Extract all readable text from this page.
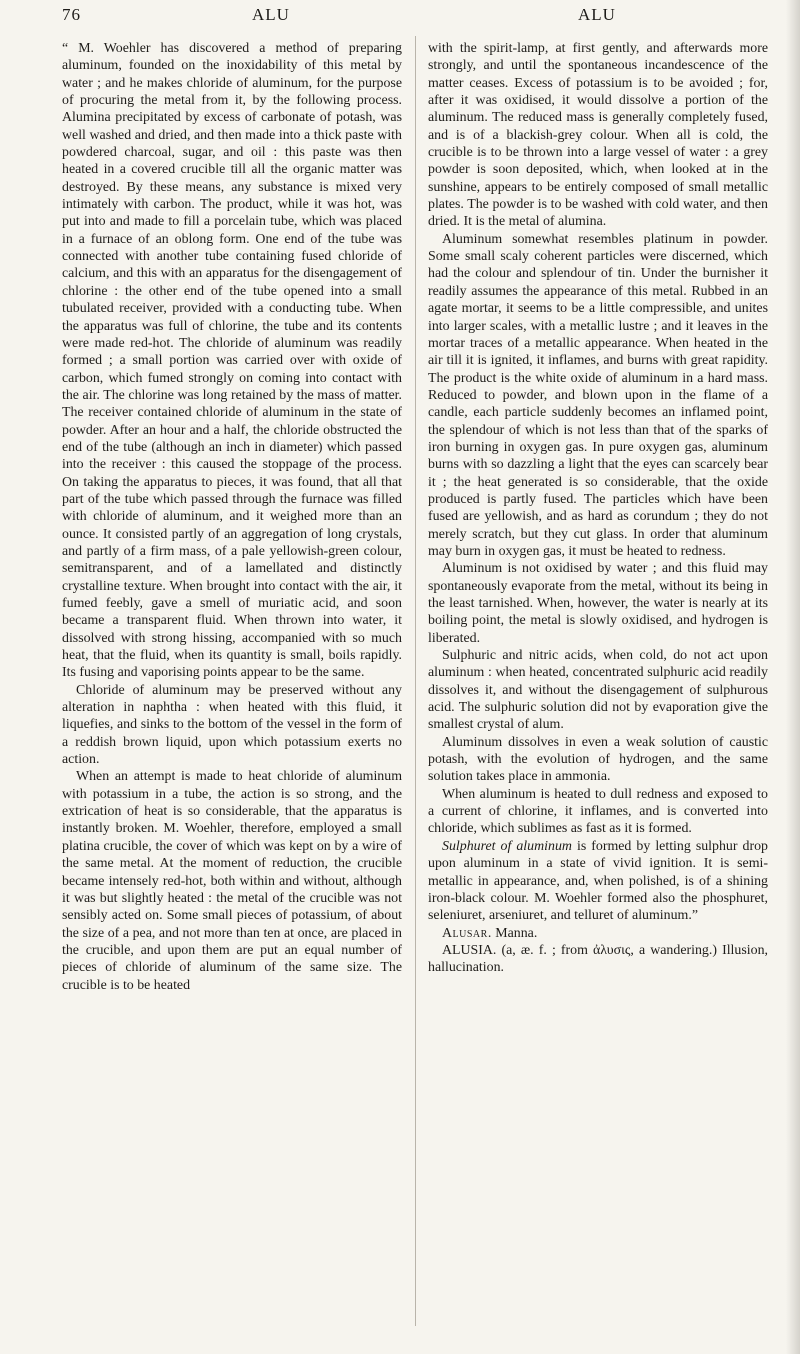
76	ALU	ALU

“ M. Woehler has discovered a method of preparing aluminum, founded on the inoxidability of this metal by water ; and he makes chloride of aluminum, for the purpose of procuring the metal from it, by the following process. Alumina precipitated by excess of carbonate of potash, was well washed and dried, and then made into a thick paste with powdered charcoal, sugar, and oil : this paste was then heated in a covered crucible till all the organic matter was destroyed. By these means, any substance is mixed very intimately with carbon. The product, while it was hot, was put into and made to fill a porcelain tube, which was placed in a furnace of an oblong form. One end of the tube was connected with another tube containing fused chloride of calcium, and this with an apparatus for the disengagement of chlorine : the other end of the tube opened into a small tubulated receiver, provided with a conducting tube. When the apparatus was full of chlorine, the tube and its contents were made red-hot. The chloride of aluminum was readily formed ; a small portion was carried over with oxide of carbon, which fumed strongly on coming into contact with the air. The chlorine was long retained by the mass of matter. The receiver contained chloride of aluminum in the state of powder. After an hour and a half, the chloride obstructed the end of the tube (although an inch in diameter) which passed into the receiver : this caused the stoppage of the process. On taking the apparatus to pieces, it was found, that all that part of the tube which passed through the furnace was filled with chloride of aluminum, and it weighed more than an ounce. It consisted partly of an aggregation of long crystals, and partly of a firm mass, of a pale yellowish-green colour, semitransparent, and of a lamellated and distinctly crystalline texture. When brought into contact with the air, it fumed feebly, gave a smell of muriatic acid, and soon became a transparent fluid. When thrown into water, it dissolved with strong hissing, accompanied with so much heat, that the fluid, when its quantity is small, boils rapidly. Its fusing and vaporising points appear to be the same.

Chloride of aluminum may be preserved without any alteration in naphtha : when heated with this fluid, it liquefies, and sinks to the bottom of the vessel in the form of a reddish brown liquid, upon which potassium exerts no action.

When an attempt is made to heat chloride of aluminum with potassium in a tube, the action is so strong, and the extrication of heat is so considerable, that the apparatus is instantly broken. M. Woehler, therefore, employed a small platina crucible, the cover of which was kept on by a wire of the same metal. At the moment of reduction, the crucible became intensely red-hot, both within and without, although it was but slightly heated : the metal of the crucible was not sensibly acted on. Some small pieces of potassium, of about the size of a pea, and not more than ten at once, are placed in the crucible, and upon them are put an equal number of pieces of chloride of aluminum of the same size. The crucible is to be heated

with the spirit-lamp, at first gently, and afterwards more strongly, and until the spontaneous incandescence of the matter ceases. Excess of potassium is to be avoided ; for, after it was oxidised, it would dissolve a portion of the aluminum. The reduced mass is generally completely fused, and is of a blackish-grey colour. When all is cold, the crucible is to be thrown into a large vessel of water : a grey powder is soon deposited, which, when looked at in the sunshine, appears to be entirely composed of small metallic plates. The powder is to be washed with cold water, and then dried. It is the metal of alumina.

Aluminum somewhat resembles platinum in powder. Some small scaly coherent particles were discerned, which had the colour and splendour of tin. Under the burnisher it readily assumes the appearance of this metal. Rubbed in an agate mortar, it seems to be a little compressible, and unites into larger scales, with a metallic lustre ; and it leaves in the mortar traces of a metallic appearance. When heated in the air till it is ignited, it inflames, and burns with great rapidity. The product is the white oxide of aluminum in a hard mass. Reduced to powder, and blown upon in the flame of a candle, each particle suddenly becomes an inflamed point, the splendour of which is not less than that of the sparks of iron burning in oxygen gas. In pure oxygen gas, aluminum burns with so dazzling a light that the eyes can scarcely bear it ; the heat generated is so considerable, that the oxide produced is partly fused. The particles which have been fused are yellowish, and as hard as corundum ; they do not merely scratch, but they cut glass. In order that aluminum may burn in oxygen gas, it must be heated to redness.

Aluminum is not oxidised by water ; and this fluid may spontaneously evaporate from the metal, without its being in the least tarnished. When, however, the water is nearly at its boiling point, the metal is slowly oxidised, and hydrogen is liberated.

Sulphuric and nitric acids, when cold, do not act upon aluminum : when heated, concentrated sulphuric acid readily dissolves it, and without the disengagement of sulphurous acid. The sulphuric solution did not by evaporation give the smallest crystal of alum.

Aluminum dissolves in even a weak solution of caustic potash, with the evolution of hydrogen, and the same solution takes place in ammonia.

When aluminum is heated to dull redness and exposed to a current of chlorine, it inflames, and is converted into chloride, which sublimes as fast as it is formed.

Sulphuret of aluminum is formed by letting sulphur drop upon aluminum in a state of vivid ignition. It is semi-metallic in appearance, and, when polished, is of a shining iron-black colour. M. Woehler formed also the phosphuret, seleniuret, arseniuret, and telluret of aluminum.”

Alusar. Manna.

ALUSIA. (a, æ. f. ; from ἀλυσις, a wandering.) Illusion, hallucination.
